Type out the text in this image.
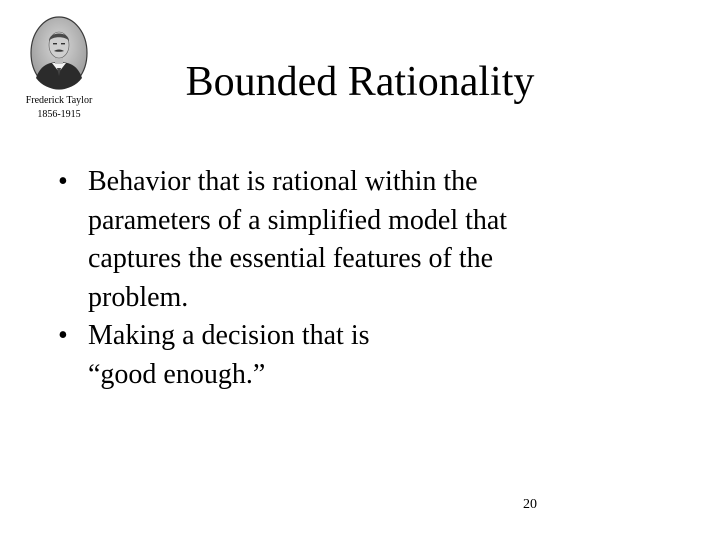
Frederick Taylor
1856-1915
Bounded Rationality
• Behavior that is rational within the
parameters of a simplified model that
captures the essential features of the
problem.
• Making a decision that is
“good enough.”
20
